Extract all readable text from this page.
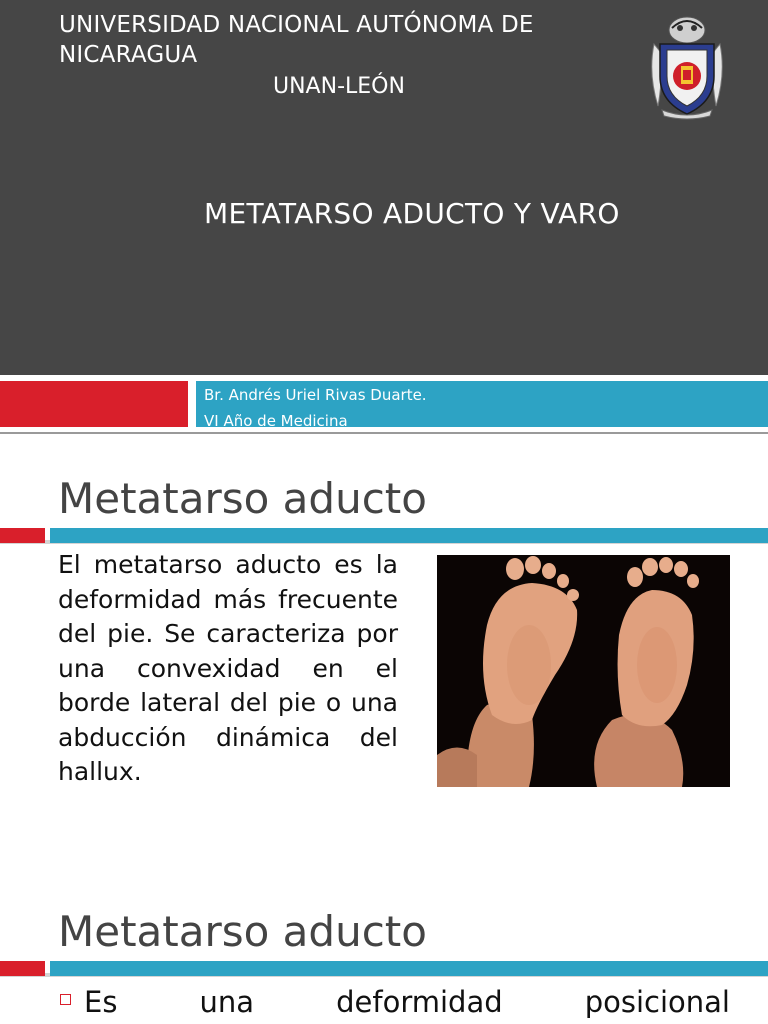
UNIVERSIDAD NACIONAL AUTÓNOMA DE NICARAGUA
UNAN-LEÓN
METATARSO ADUCTO Y VARO
Br. Andrés Uriel Rivas Duarte.
VI Año de Medicina
Metatarso aducto
El metatarso aducto es la deformidad más frecuente del pie. Se caracteriza por una convexidad en el borde lateral del pie o una abducción dinámica del hallux.
Metatarso aducto
Es	una	deformidad	posicional
